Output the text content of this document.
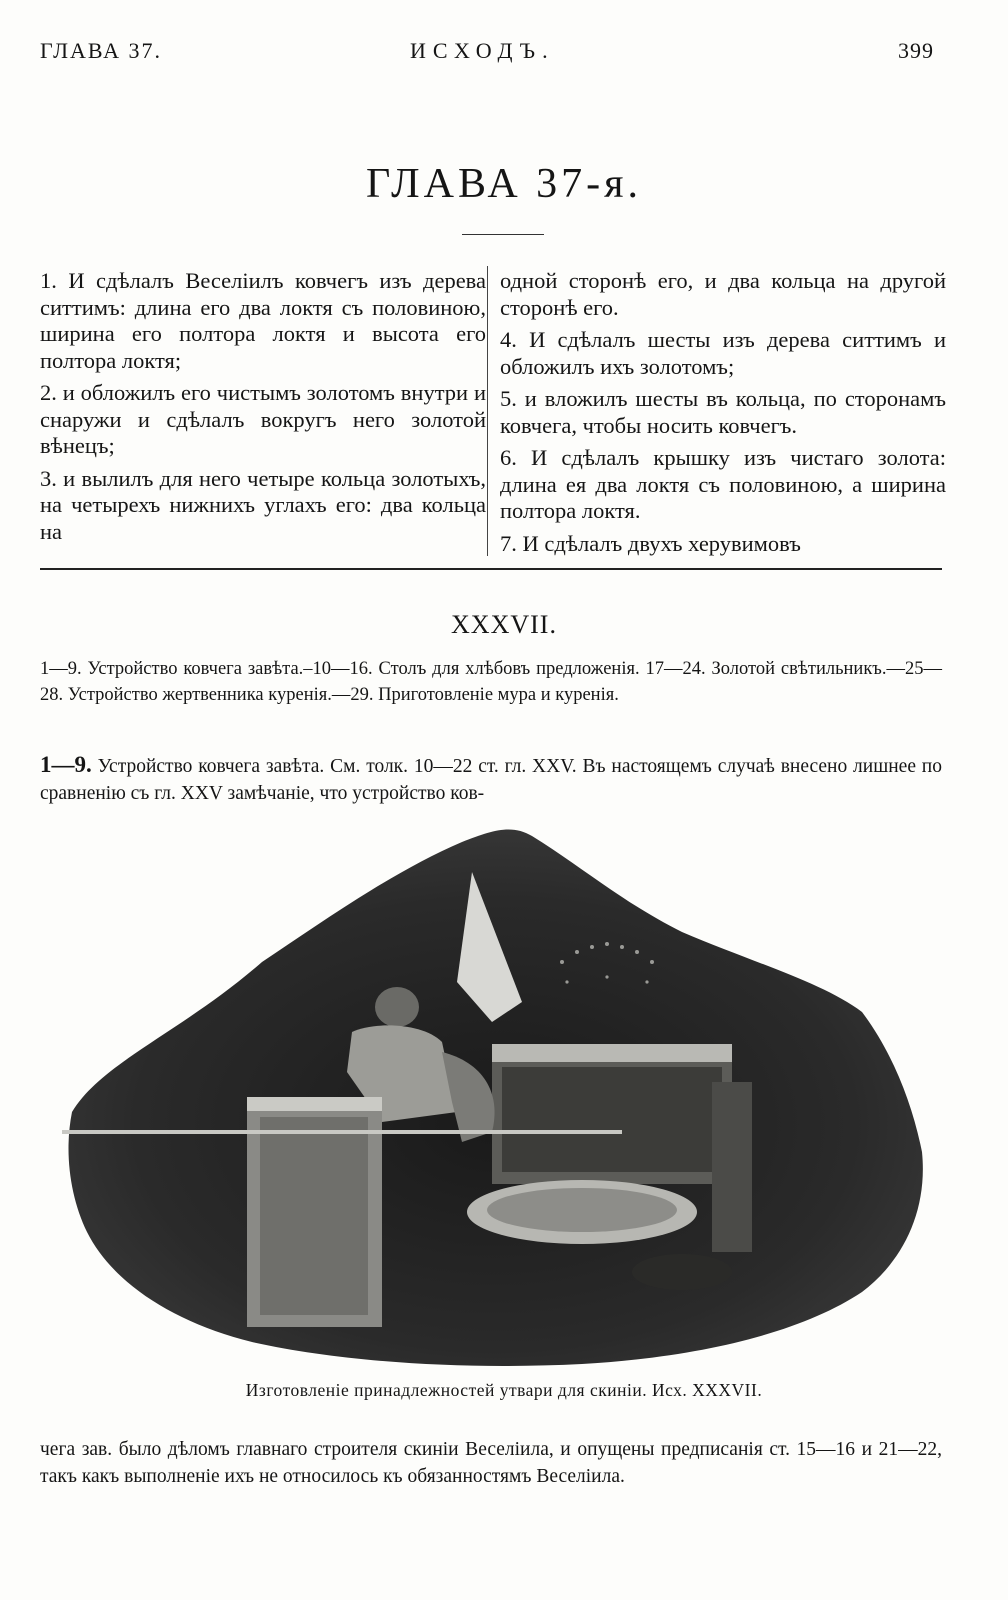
ГЛАВА 37.	ИСХОДЪ.	399
ГЛАВА 37-я.

1. И сдѣлалъ Веселіилъ ковчегъ изъ дерева ситтимъ: длина его два локтя съ половиною, ширина его полтора локтя и высота его полтора локтя;

2. и обложилъ его чистымъ золотомъ внутри и снаружи и сдѣлалъ вокругъ него золотой вѣнецъ;

3. и вылилъ для него четыре кольца золотыхъ, на четырехъ нижнихъ углахъ его: два кольца на

одной сторонѣ его, и два кольца на другой сторонѣ его.

4. И сдѣлалъ шесты изъ дерева ситтимъ и обложилъ ихъ золотомъ;

5. и вложилъ шесты въ кольца, по сторонамъ ковчега, чтобы носить ковчегъ.

6. И сдѣлалъ крышку изъ чистаго золота: длина ея два локтя съ половиною, а ширина полтора локтя.

7. И сдѣлалъ двухъ херувимовъ

XXXVII.
1—9. Устройство ковчега завѣта.–10—16. Столъ для хлѣбовъ предложенія. 17—24. Золотой свѣтильникъ.—25—28. Устройство жертвенника куренія.—29. Приготовленіе мура и куренія.
1—9. Устройство ковчега завѣта. См. толк. 10—22 ст. гл. XXV. Въ настоящемъ случаѣ внесено лишнее по сравненію съ гл. XXV замѣчаніе, что устройство ков-
Изготовленіе принадлежностей утвари для скиніи. Исх. XXXVII.
чега зав. было дѣломъ главнаго строителя скиніи Веселіила, и опущены предписанія ст. 15—16 и 21—22, такъ какъ выполненіе ихъ не относилось къ обязанностямъ Веселіила.
